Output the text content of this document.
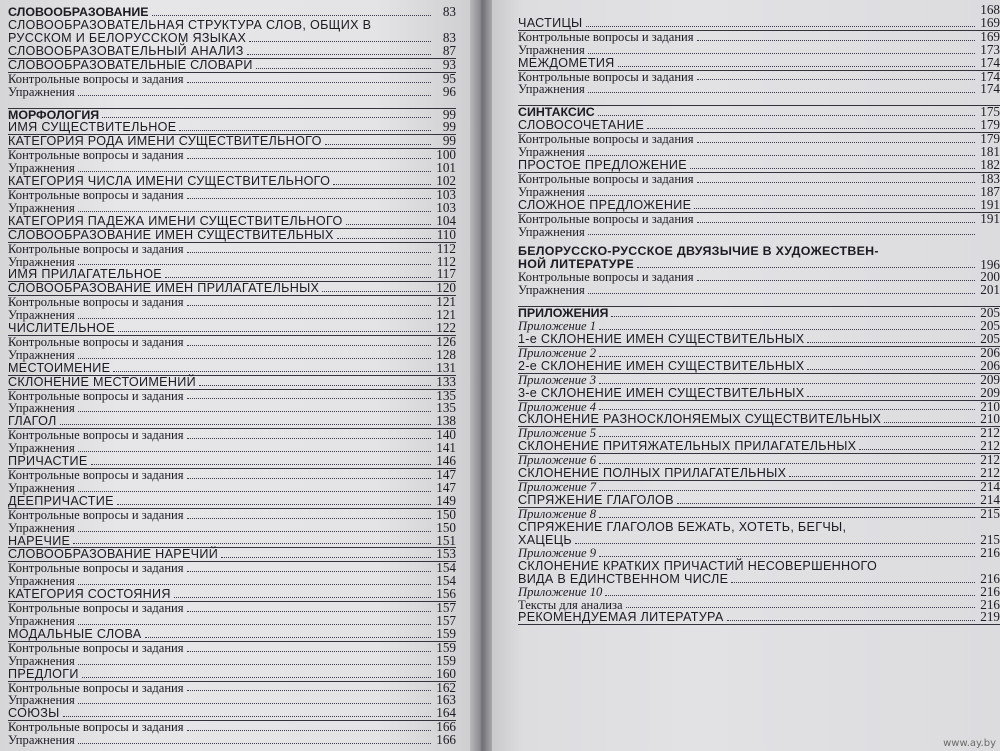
СЛОВООБРАЗОВАНИЕ	83
СЛОВООБРАЗОВАТЕЛЬНАЯ СТРУКТУРА СЛОВ, ОБЩИХ В
РУССКОМ И БЕЛОРУССКОМ ЯЗЫКАХ	83
СЛОВООБРАЗОВАТЕЛЬНЫЙ АНАЛИЗ	87
СЛОВООБРАЗОВАТЕЛЬНЫЕ СЛОВАРИ	93
Контрольные вопросы и задания	95
Упражнения	96
МОРФОЛОГИЯ	99
ИМЯ СУЩЕСТВИТЕЛЬНОЕ	99
КАТЕГОРИЯ РОДА ИМЕНИ СУЩЕСТВИТЕЛЬНОГО	99
Контрольные вопросы и задания	100
Упражнения	101
КАТЕГОРИЯ ЧИСЛА ИМЕНИ СУЩЕСТВИТЕЛЬНОГО	102
Контрольные вопросы и задания	103
Упражнения	103
КАТЕГОРИЯ ПАДЕЖА ИМЕНИ СУЩЕСТВИТЕЛЬНОГО	104
СЛОВООБРАЗОВАНИЕ ИМЕН СУЩЕСТВИТЕЛЬНЫХ	110
Контрольные вопросы и задания	112
Упражнения	112
ИМЯ ПРИЛАГАТЕЛЬНОЕ	117
СЛОВООБРАЗОВАНИЕ ИМЕН ПРИЛАГАТЕЛЬНЫХ	120
Контрольные вопросы и задания	121
Упражнения	121
ЧИСЛИТЕЛЬНОЕ	122
Контрольные вопросы и задания	126
Упражнения	128
МЕСТОИМЕНИЕ	131
СКЛОНЕНИЕ МЕСТОИМЕНИЙ	133
Контрольные вопросы и задания	135
Упражнения	135
ГЛАГОЛ	138
Контрольные вопросы и задания	140
Упражнения	141
ПРИЧАСТИЕ	146
Контрольные вопросы и задания	147
Упражнения	147
ДЕЕПРИЧАСТИЕ	149
Контрольные вопросы и задания	150
Упражнения	150
НАРЕЧИЕ	151
СЛОВООБРАЗОВАНИЕ НАРЕЧИЙ	153
Контрольные вопросы и задания	154
Упражнения	154
КАТЕГОРИЯ СОСТОЯНИЯ	156
Контрольные вопросы и задания	157
Упражнения	157
МОДАЛЬНЫЕ СЛОВА	159
Контрольные вопросы и задания	159
Упражнения	159
ПРЕДЛОГИ	160
Контрольные вопросы и задания	162
Упражнения	163
СОЮЗЫ	164
Контрольные вопросы и задания	166
Упражнения	166
168
ЧАСТИЦЫ	169
Контрольные вопросы и задания	169
Упражнения	173
МЕЖДОМЕТИЯ	174
Контрольные вопросы и задания	174
Упражнения	174
СИНТАКСИС	175
СЛОВОСОЧЕТАНИЕ	179
Контрольные вопросы и задания	179
Упражнения	181
ПРОСТОЕ ПРЕДЛОЖЕНИЕ	182
Контрольные вопросы и задания	183
Упражнения	187
СЛОЖНОЕ ПРЕДЛОЖЕНИЕ	191
Контрольные вопросы и задания	191
Упражнения
БЕЛОРУССКО-РУССКОЕ ДВУЯЗЫЧИЕ В ХУДОЖЕСТВЕН-
НОЙ ЛИТЕРАТУРЕ	196
Контрольные вопросы и задания	200
Упражнения	201
ПРИЛОЖЕНИЯ	205
Приложение 1	205
1-е СКЛОНЕНИЕ ИМЕН СУЩЕСТВИТЕЛЬНЫХ	205
Приложение 2	206
2-е СКЛОНЕНИЕ ИМЕН СУЩЕСТВИТЕЛЬНЫХ	206
Приложение 3	209
3-е СКЛОНЕНИЕ ИМЕН СУЩЕСТВИТЕЛЬНЫХ	209
Приложение 4	210
СКЛОНЕНИЕ РАЗНОСКЛОНЯЕМЫХ СУЩЕСТВИТЕЛЬНЫХ	210
Приложение 5	212
СКЛОНЕНИЕ ПРИТЯЖАТЕЛЬНЫХ ПРИЛАГАТЕЛЬНЫХ	212
Приложение 6	212
СКЛОНЕНИЕ ПОЛНЫХ ПРИЛАГАТЕЛЬНЫХ	212
Приложение 7	214
СПРЯЖЕНИЕ ГЛАГОЛОВ	214
Приложение 8	215
СПРЯЖЕНИЕ ГЛАГОЛОВ БЕЖАТЬ, ХОТЕТЬ, БЕГЧЫ,
ХАЦЕЦЬ	215
Приложение 9	216
СКЛОНЕНИЕ КРАТКИХ ПРИЧАСТИЙ НЕСОВЕРШЕННОГО
ВИДА В ЕДИНСТВЕННОМ ЧИСЛЕ	216
Приложение 10	216
Тексты для анализа	216
РЕКОМЕНДУЕМАЯ ЛИТЕРАТУРА	219
www.ay.by
